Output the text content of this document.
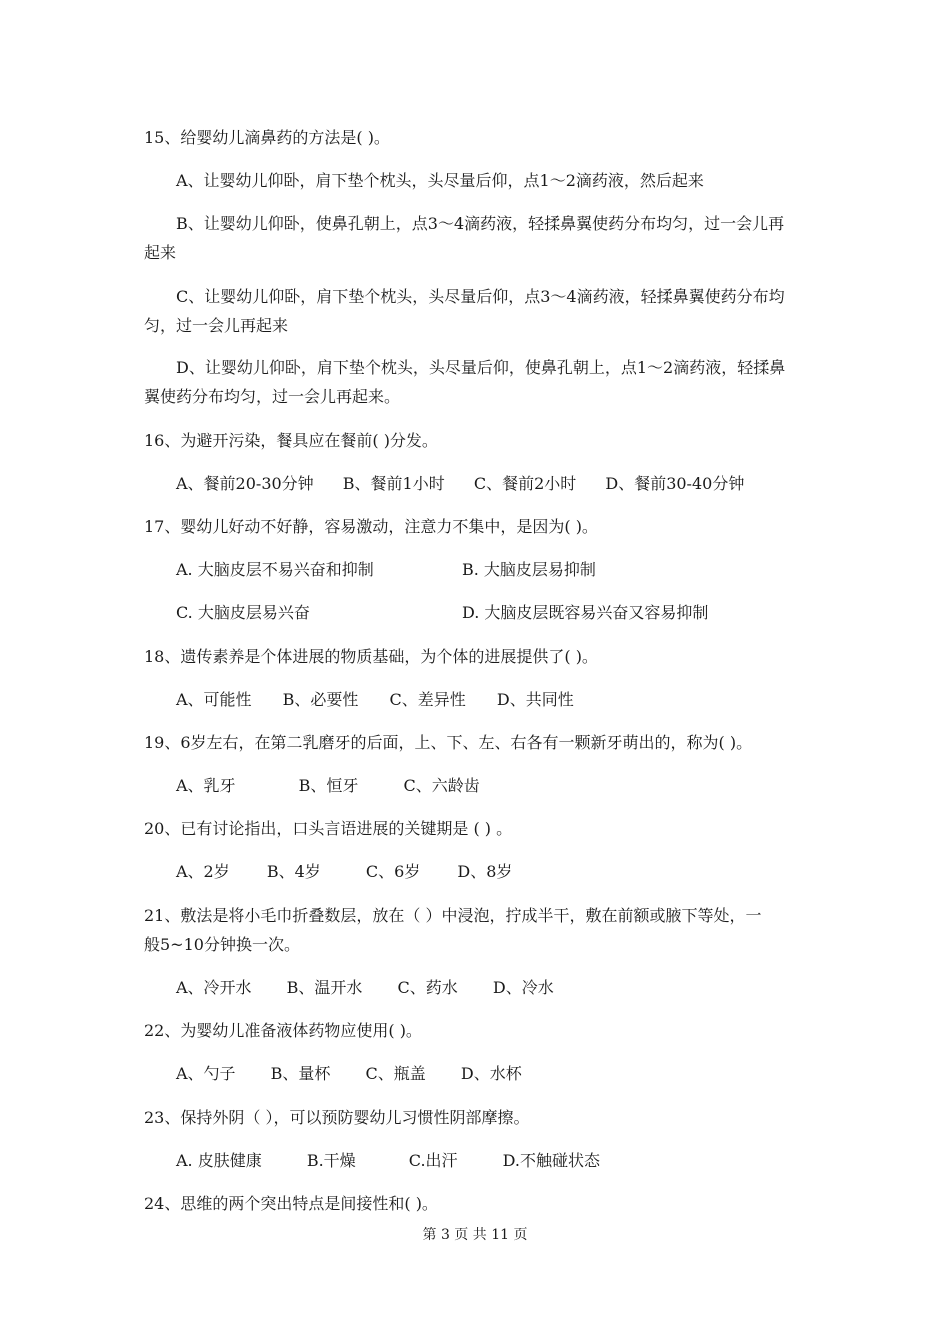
15、给婴幼儿滴鼻药的方法是( )。
A、让婴幼儿仰卧，肩下垫个枕头，头尽量后仰，点1～2滴药液，然后起来
B、让婴幼儿仰卧，使鼻孔朝上，点3～4滴药液，轻揉鼻翼使药分布均匀，过一会儿再
起来
C、让婴幼儿仰卧，肩下垫个枕头，头尽量后仰，点3～4滴药液，轻揉鼻翼使药分布均
匀，过一会儿再起来
D、让婴幼儿仰卧，肩下垫个枕头，头尽量后仰，使鼻孔朝上，点1～2滴药液，轻揉鼻
翼使药分布均匀，过一会儿再起来。
16、为避开污染，餐具应在餐前( )分发。
A、餐前20-30分钟 B、餐前1小时 C、餐前2小时 D、餐前30-40分钟
17、婴幼儿好动不好静，容易激动，注意力不集中，是因为( )。
A. 大脑皮层不易兴奋和抑制	B. 大脑皮层易抑制
C. 大脑皮层易兴奋	D. 大脑皮层既容易兴奋又容易抑制
18、遗传素养是个体进展的物质基础，为个体的进展提供了( )。
A、可能性 B、必要性 C、差异性 D、共同性
19、6岁左右，在第二乳磨牙的后面，上、下、左、右各有一颗新牙萌出的，称为( )。
A、乳牙	B、恒牙	C、六龄齿
20、已有讨论指出，口头言语进展的关键期是 ( ) 。
A、2岁 B、4岁	C、6岁 D、8岁
21、敷法是将小毛巾折叠数层，放在（ ）中浸泡，拧成半干，敷在前额或腋下等处，一
般5~10分钟换一次。
A、冷开水 B、温开水 C、药水 D、冷水
22、为婴幼儿准备液体药物应使用( )。
A、勺子 B、量杯 C、瓶盖 D、水杯
23、保持外阴（ ），可以预防婴幼儿习惯性阴部摩擦。
A. 皮肤健康	B.干燥	C.出汗	D.不触碰状态
24、思维的两个突出特点是间接性和( )。
第 3 页 共 11 页
